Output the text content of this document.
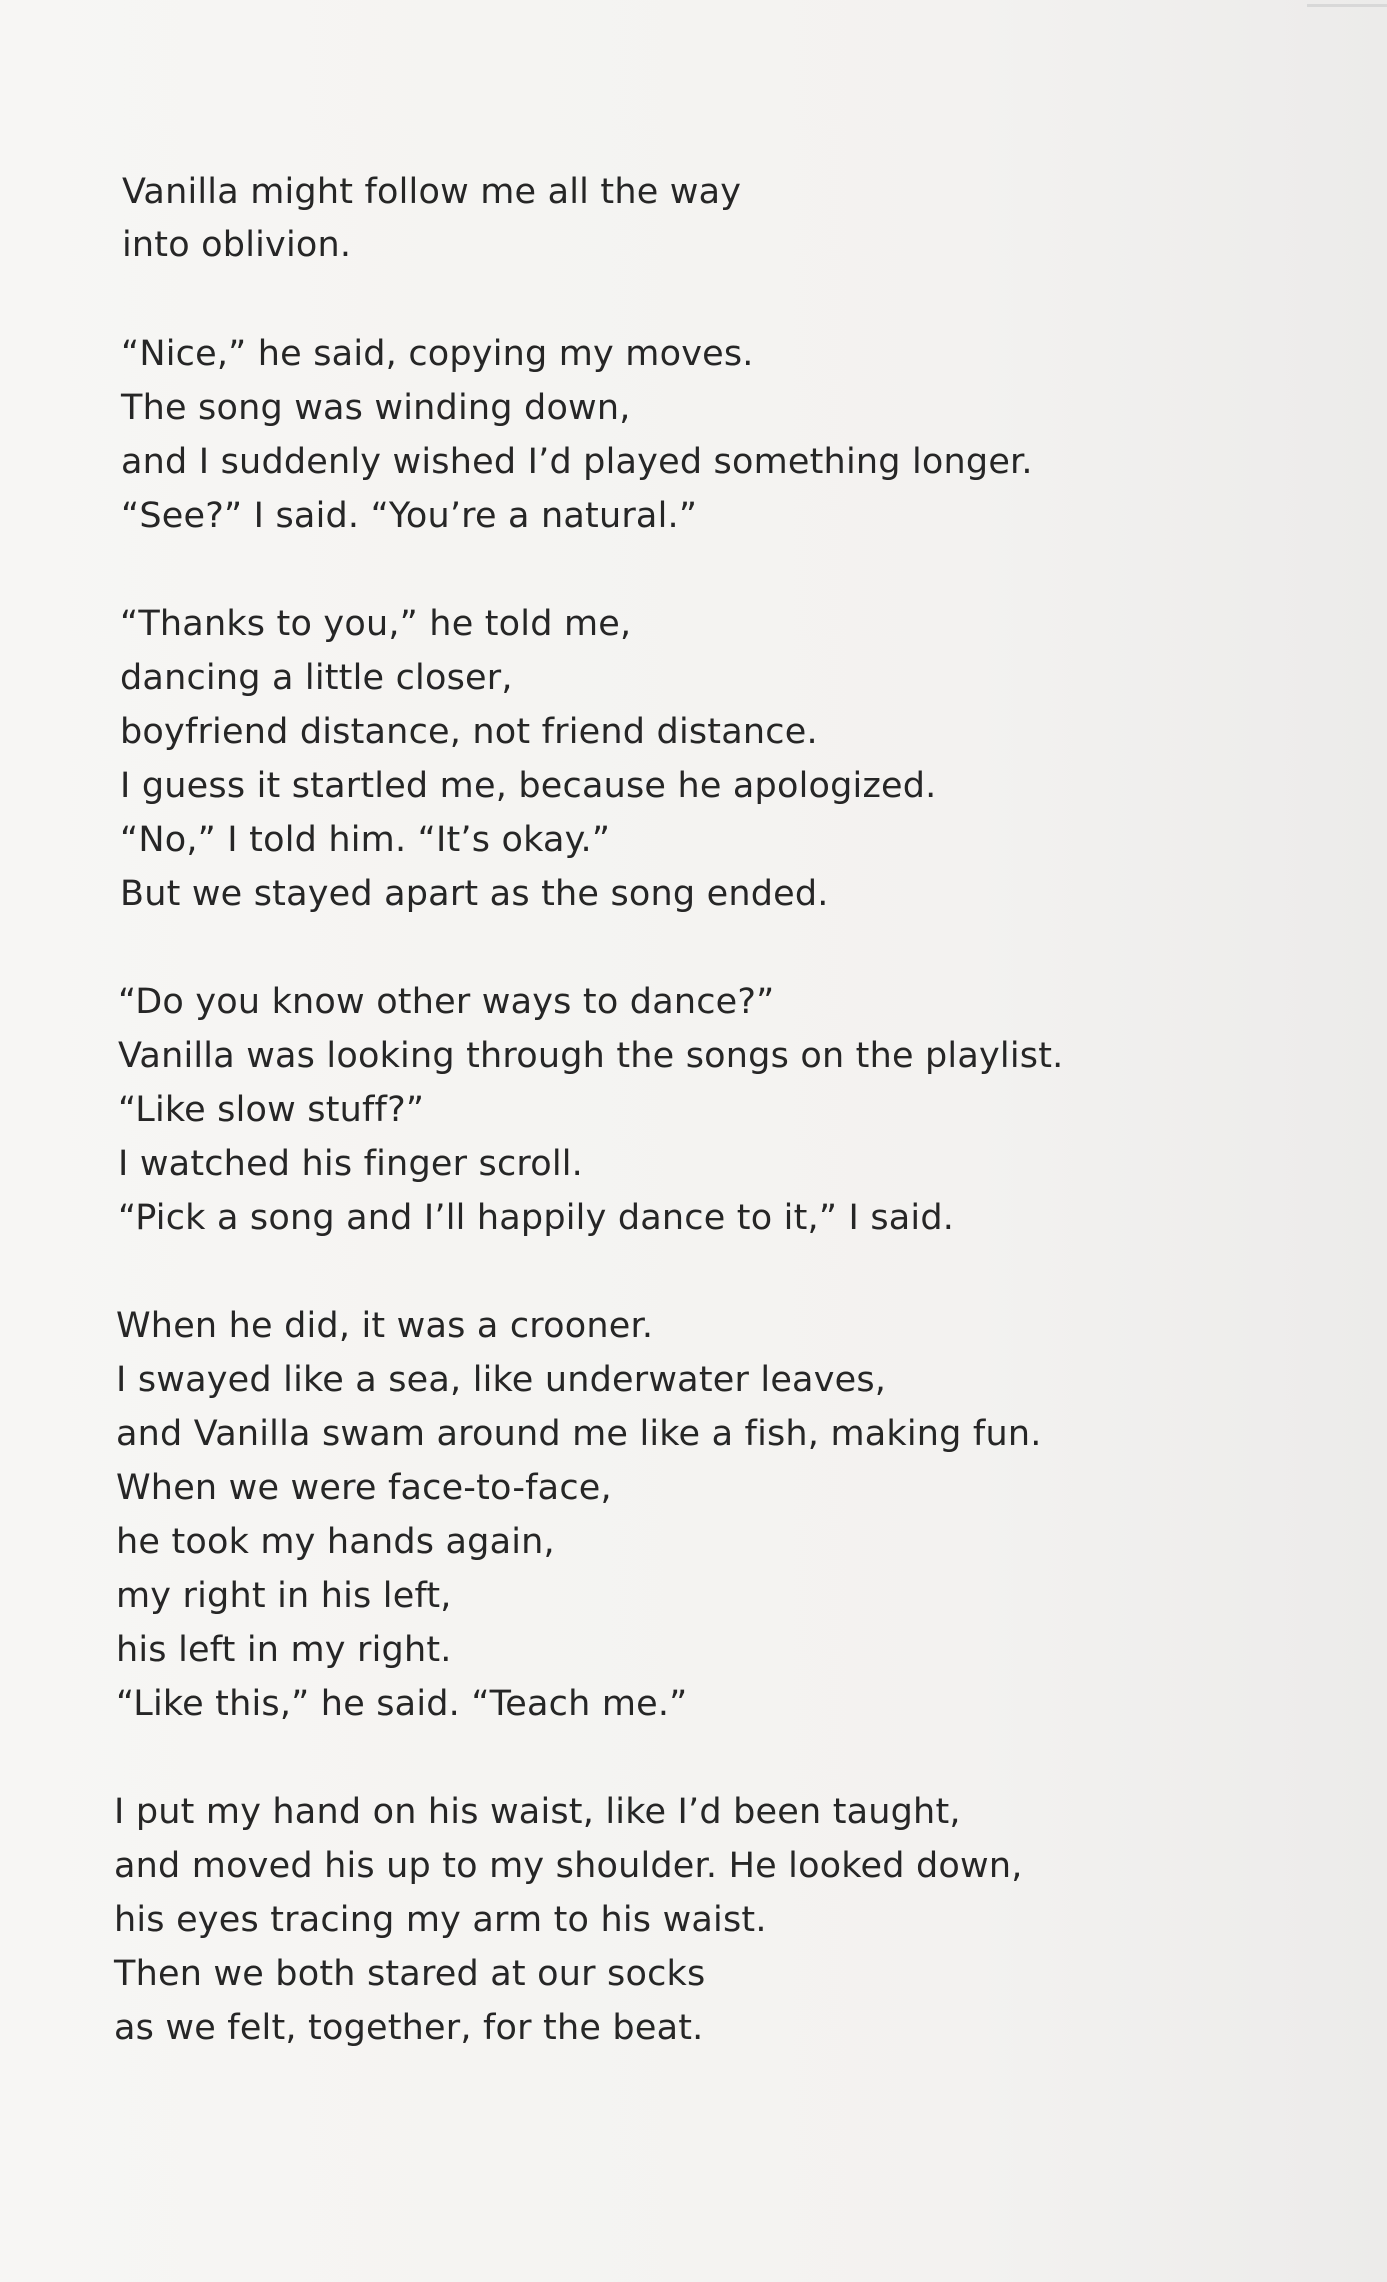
Vanilla might follow me all the way
into oblivion.
“Nice,” he said, copying my moves.
The song was winding down,
and I suddenly wished I’d played something longer.
“See?” I said. “You’re a natural.”
“Thanks to you,” he told me,
dancing a little closer,
boyfriend distance, not friend distance.
I guess it startled me, because he apologized.
“No,” I told him. “It’s okay.”
But we stayed apart as the song ended.
“Do you know other ways to dance?”
Vanilla was looking through the songs on the playlist.
“Like slow stuff?”
I watched his finger scroll.
“Pick a song and I’ll happily dance to it,” I said.
When he did, it was a crooner.
I swayed like a sea, like underwater leaves,
and Vanilla swam around me like a fish, making fun.
When we were face-to-face,
he took my hands again,
my right in his left,
his left in my right.
“Like this,” he said. “Teach me.”
I put my hand on his waist, like I’d been taught,
and moved his up to my shoulder. He looked down,
his eyes tracing my arm to his waist.
Then we both stared at our socks
as we felt, together, for the beat.
